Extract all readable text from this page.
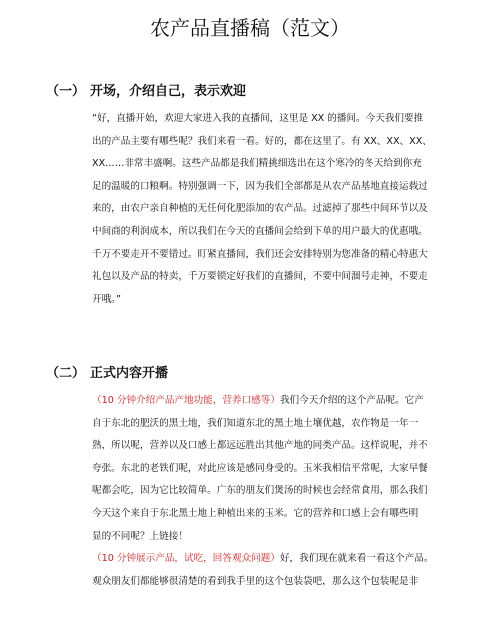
农产品直播稿（范文）
（一） 开场，介绍自己，表示欢迎

“好，直播开始，欢迎大家进入我的直播间，这里是 XX 的播间。今天我们要推

出的产品主要有哪些呢？我们来看一看。好的，都在这里了。有 XX、XX、XX、

XX……非常丰盛啊。这些产品都是我们精挑细选出在这个寒冷的冬天给到你充

足的温暖的口粮啊。特别强调一下，因为我们全部都是从农产品基地直接运载过

来的，由农户亲自种植的无任何化肥添加的农产品。过滤掉了那些中间环节以及

中间商的利润成本，所以我们在今天的直播间会给到下单的用户最大的优惠哦。

千万不要走开不要错过。盯紧直播间，我们还会安排特别为您准备的精心特惠大

礼包以及产品的特卖，千万要锁定好我们的直播间，不要中间溜号走神，不要走

开哦。”

（二） 正式内容开播

（10 分钟介绍产品产地功能，营养口感等）我们今天介绍的这个产品呢。它产

自于东北的肥沃的黑土地，我们知道东北的黑土地土壤优越，农作物是一年一

熟，所以呢，营养以及口感上都远远胜出其他产地的同类产品。这样说呢，并不

夸张。东北的老铁们呢，对此应该是感同身受的。玉米我相信平常呢，大家早餐

呢都会吃，因为它比较简单。广东的朋友们煲汤的时候也会经常食用，那么我们

今天这个来自于东北黑土地上种植出来的玉米。它的营养和口感上会有哪些明

显的不同呢？上链接！

（10 分钟展示产品，试吃，回答观众问题）好，我们现在就来看一看这个产品。

观众朋友们都能够很清楚的看到我手里的这个包装袋吧，那么这个包装呢是非
